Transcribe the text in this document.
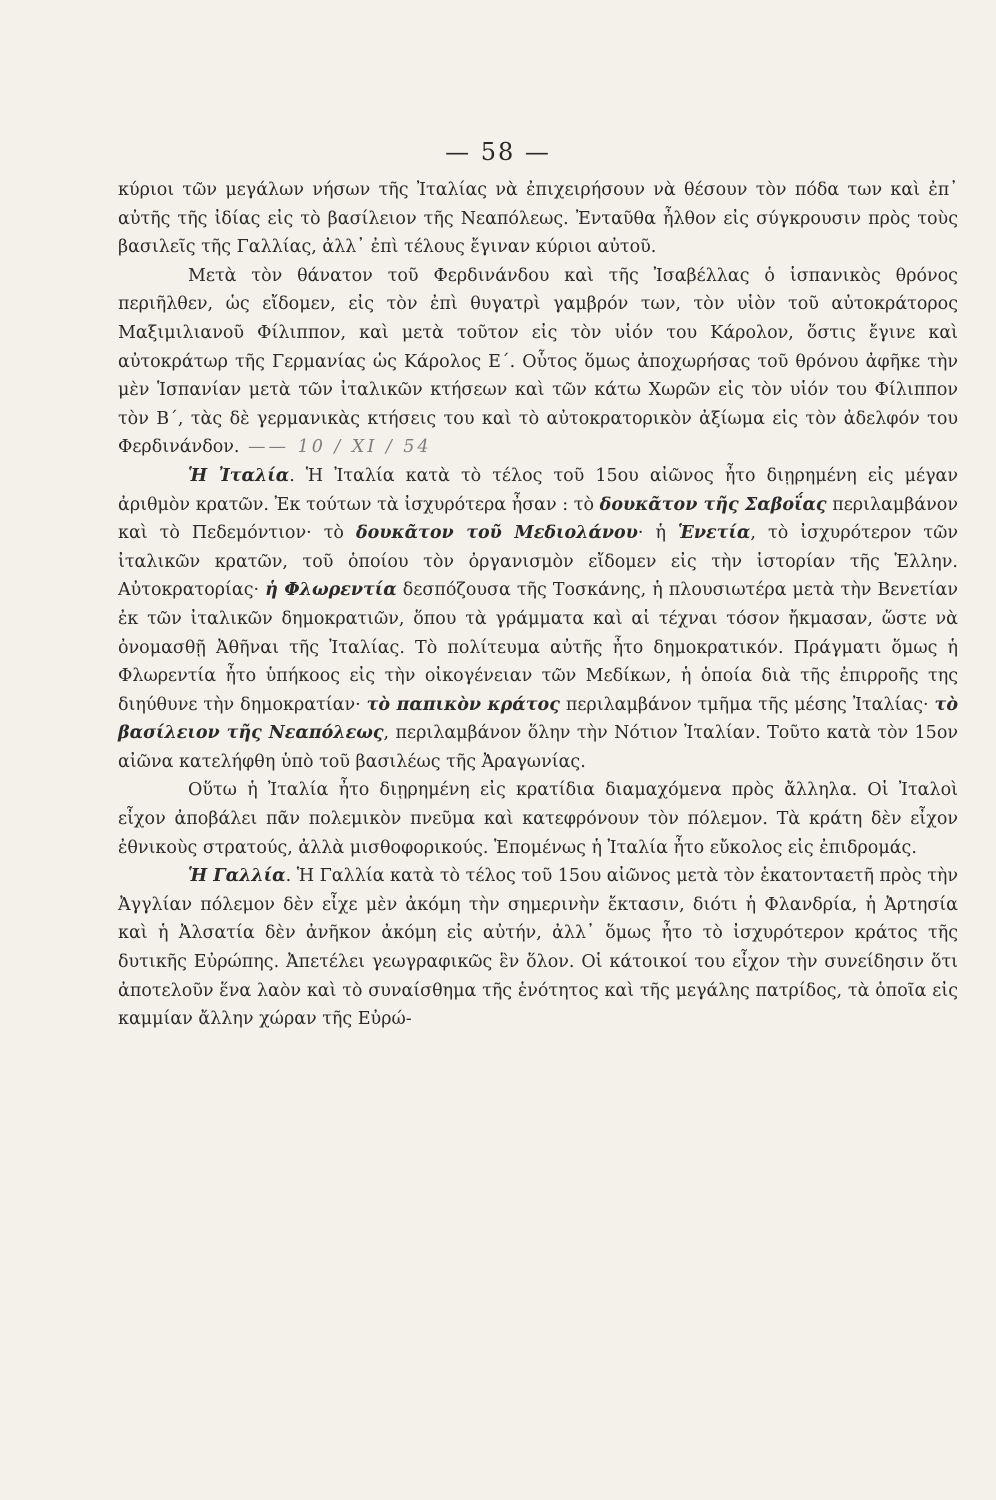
— 58 —

κύριοι τῶν μεγάλων νήσων τῆς Ἰταλίας νὰ ἐπιχειρήσουν νὰ θέσουν τὸν πόδα των καὶ ἐπ᾽ αὐτῆς τῆς ἰδίας εἰς τὸ βασίλειον τῆς Νεαπόλεως. Ἐνταῦθα ἦλθον εἰς σύγκρουσιν πρὸς τοὺς βασιλεῖς τῆς Γαλλίας, ἀλλ᾽ ἐπὶ τέλους ἔγιναν κύριοι αὐτοῦ.

Μετὰ τὸν θάνατον τοῦ Φερδινάνδου καὶ τῆς Ἰσαβέλλας ὁ ἱσπανικὸς θρόνος περιῆλθεν, ὡς εἴδομεν, εἰς τὸν ἐπὶ θυγατρὶ γαμβρόν των, τὸν υἱὸν τοῦ αὐτοκράτορος Μαξιμιλιανοῦ Φίλιππον, καὶ μετὰ τοῦτον εἰς τὸν υἱόν του Κάρολον, ὅστις ἔγινε καὶ αὐτοκράτωρ τῆς Γερμανίας ὡς Κάρολος Ε΄. Οὗτος ὅμως ἀποχωρήσας τοῦ θρόνου ἀφῆκε τὴν μὲν Ἱσπανίαν μετὰ τῶν ἰταλικῶν κτήσεων καὶ τῶν κάτω Χωρῶν εἰς τὸν υἱόν του Φίλιππον τὸν Β΄, τὰς δὲ γερμανικὰς κτήσεις του καὶ τὸ αὐτοκρατορικὸν ἀξίωμα εἰς τὸν ἀδελφόν του Φερδινάνδον. —— 10 / XI / 54

Ἡ Ἰταλία. Ἡ Ἰταλία κατὰ τὸ τέλος τοῦ 15ου αἰῶνος ἦτο διῃρημένη εἰς μέγαν ἀριθμὸν κρατῶν. Ἐκ τούτων τὰ ἰσχυρότερα ἦσαν : τὸ δουκᾶτον τῆς Σαβοΐας περιλαμβάνον καὶ τὸ Πεδεμόντιον· τὸ δουκᾶτον τοῦ Μεδιολάνου· ἡ Ἑνετία, τὸ ἰσχυρότερον τῶν ἰταλικῶν κρατῶν, τοῦ ὁποίου τὸν ὀργανισμὸν εἴδομεν εἰς τὴν ἱστορίαν τῆς Ἑλλην. Αὐτοκρατορίας· ἡ Φλωρεντία δεσπόζουσα τῆς Τοσκάνης, ἡ πλουσιωτέρα μετὰ τὴν Βενετίαν ἐκ τῶν ἰταλικῶν δημοκρατιῶν, ὅπου τὰ γράμματα καὶ αἱ τέχναι τόσον ἤκμασαν, ὥστε νὰ ὀνομασθῇ Ἀθῆναι τῆς Ἰταλίας. Τὸ πολίτευμα αὐτῆς ἦτο δημοκρατικόν. Πράγματι ὅμως ἡ Φλωρεντία ἦτο ὑπήκοος εἰς τὴν οἰκογένειαν τῶν Μεδίκων, ἡ ὁποία διὰ τῆς ἐπιρροῆς της διηύθυνε τὴν δημοκρατίαν· τὸ παπικὸν κράτος περιλαμβάνον τμῆμα τῆς μέσης Ἰταλίας· τὸ βασίλειον τῆς Νεαπόλεως, περιλαμβάνον ὅλην τὴν Νότιον Ἰταλίαν. Τοῦτο κατὰ τὸν 15ον αἰῶνα κατελήφθη ὑπὸ τοῦ βασιλέως τῆς Ἀραγωνίας.

Οὕτω ἡ Ἰταλία ἦτο διῃρημένη εἰς κρατίδια διαμαχόμενα πρὸς ἄλληλα. Οἱ Ἰταλοὶ εἶχον ἀποβάλει πᾶν πολεμικὸν πνεῦμα καὶ κατεφρόνουν τὸν πόλεμον. Τὰ κράτη δὲν εἶχον ἐθνικοὺς στρατούς, ἀλλὰ μισθοφορικούς. Ἑπομένως ἡ Ἰταλία ἦτο εὔκολος εἰς ἐπιδρομάς.

Ἡ Γαλλία. Ἡ Γαλλία κατὰ τὸ τέλος τοῦ 15ου αἰῶνος μετὰ τὸν ἑκατονταετῆ πρὸς τὴν Ἀγγλίαν πόλεμον δὲν εἶχε μὲν ἀκόμη τὴν σημερινὴν ἔκτασιν, διότι ἡ Φλανδρία, ἡ Ἀρτησία καὶ ἡ Ἀλσατία δὲν ἀνῆκον ἀκόμη εἰς αὐτήν, ἀλλ᾽ ὅμως ἦτο τὸ ἰσχυρότερον κράτος τῆς δυτικῆς Εὐρώπης. Ἀπετέλει γεωγραφικῶς ἓν ὅλον. Οἱ κάτοικοί του εἶχον τὴν συνείδησιν ὅτι ἀποτελοῦν ἕνα λαὸν καὶ τὸ συναίσθημα τῆς ἑνότητος καὶ τῆς μεγάλης πατρίδος, τὰ ὁποῖα εἰς καμμίαν ἄλλην χώραν τῆς Εὐρώ-
